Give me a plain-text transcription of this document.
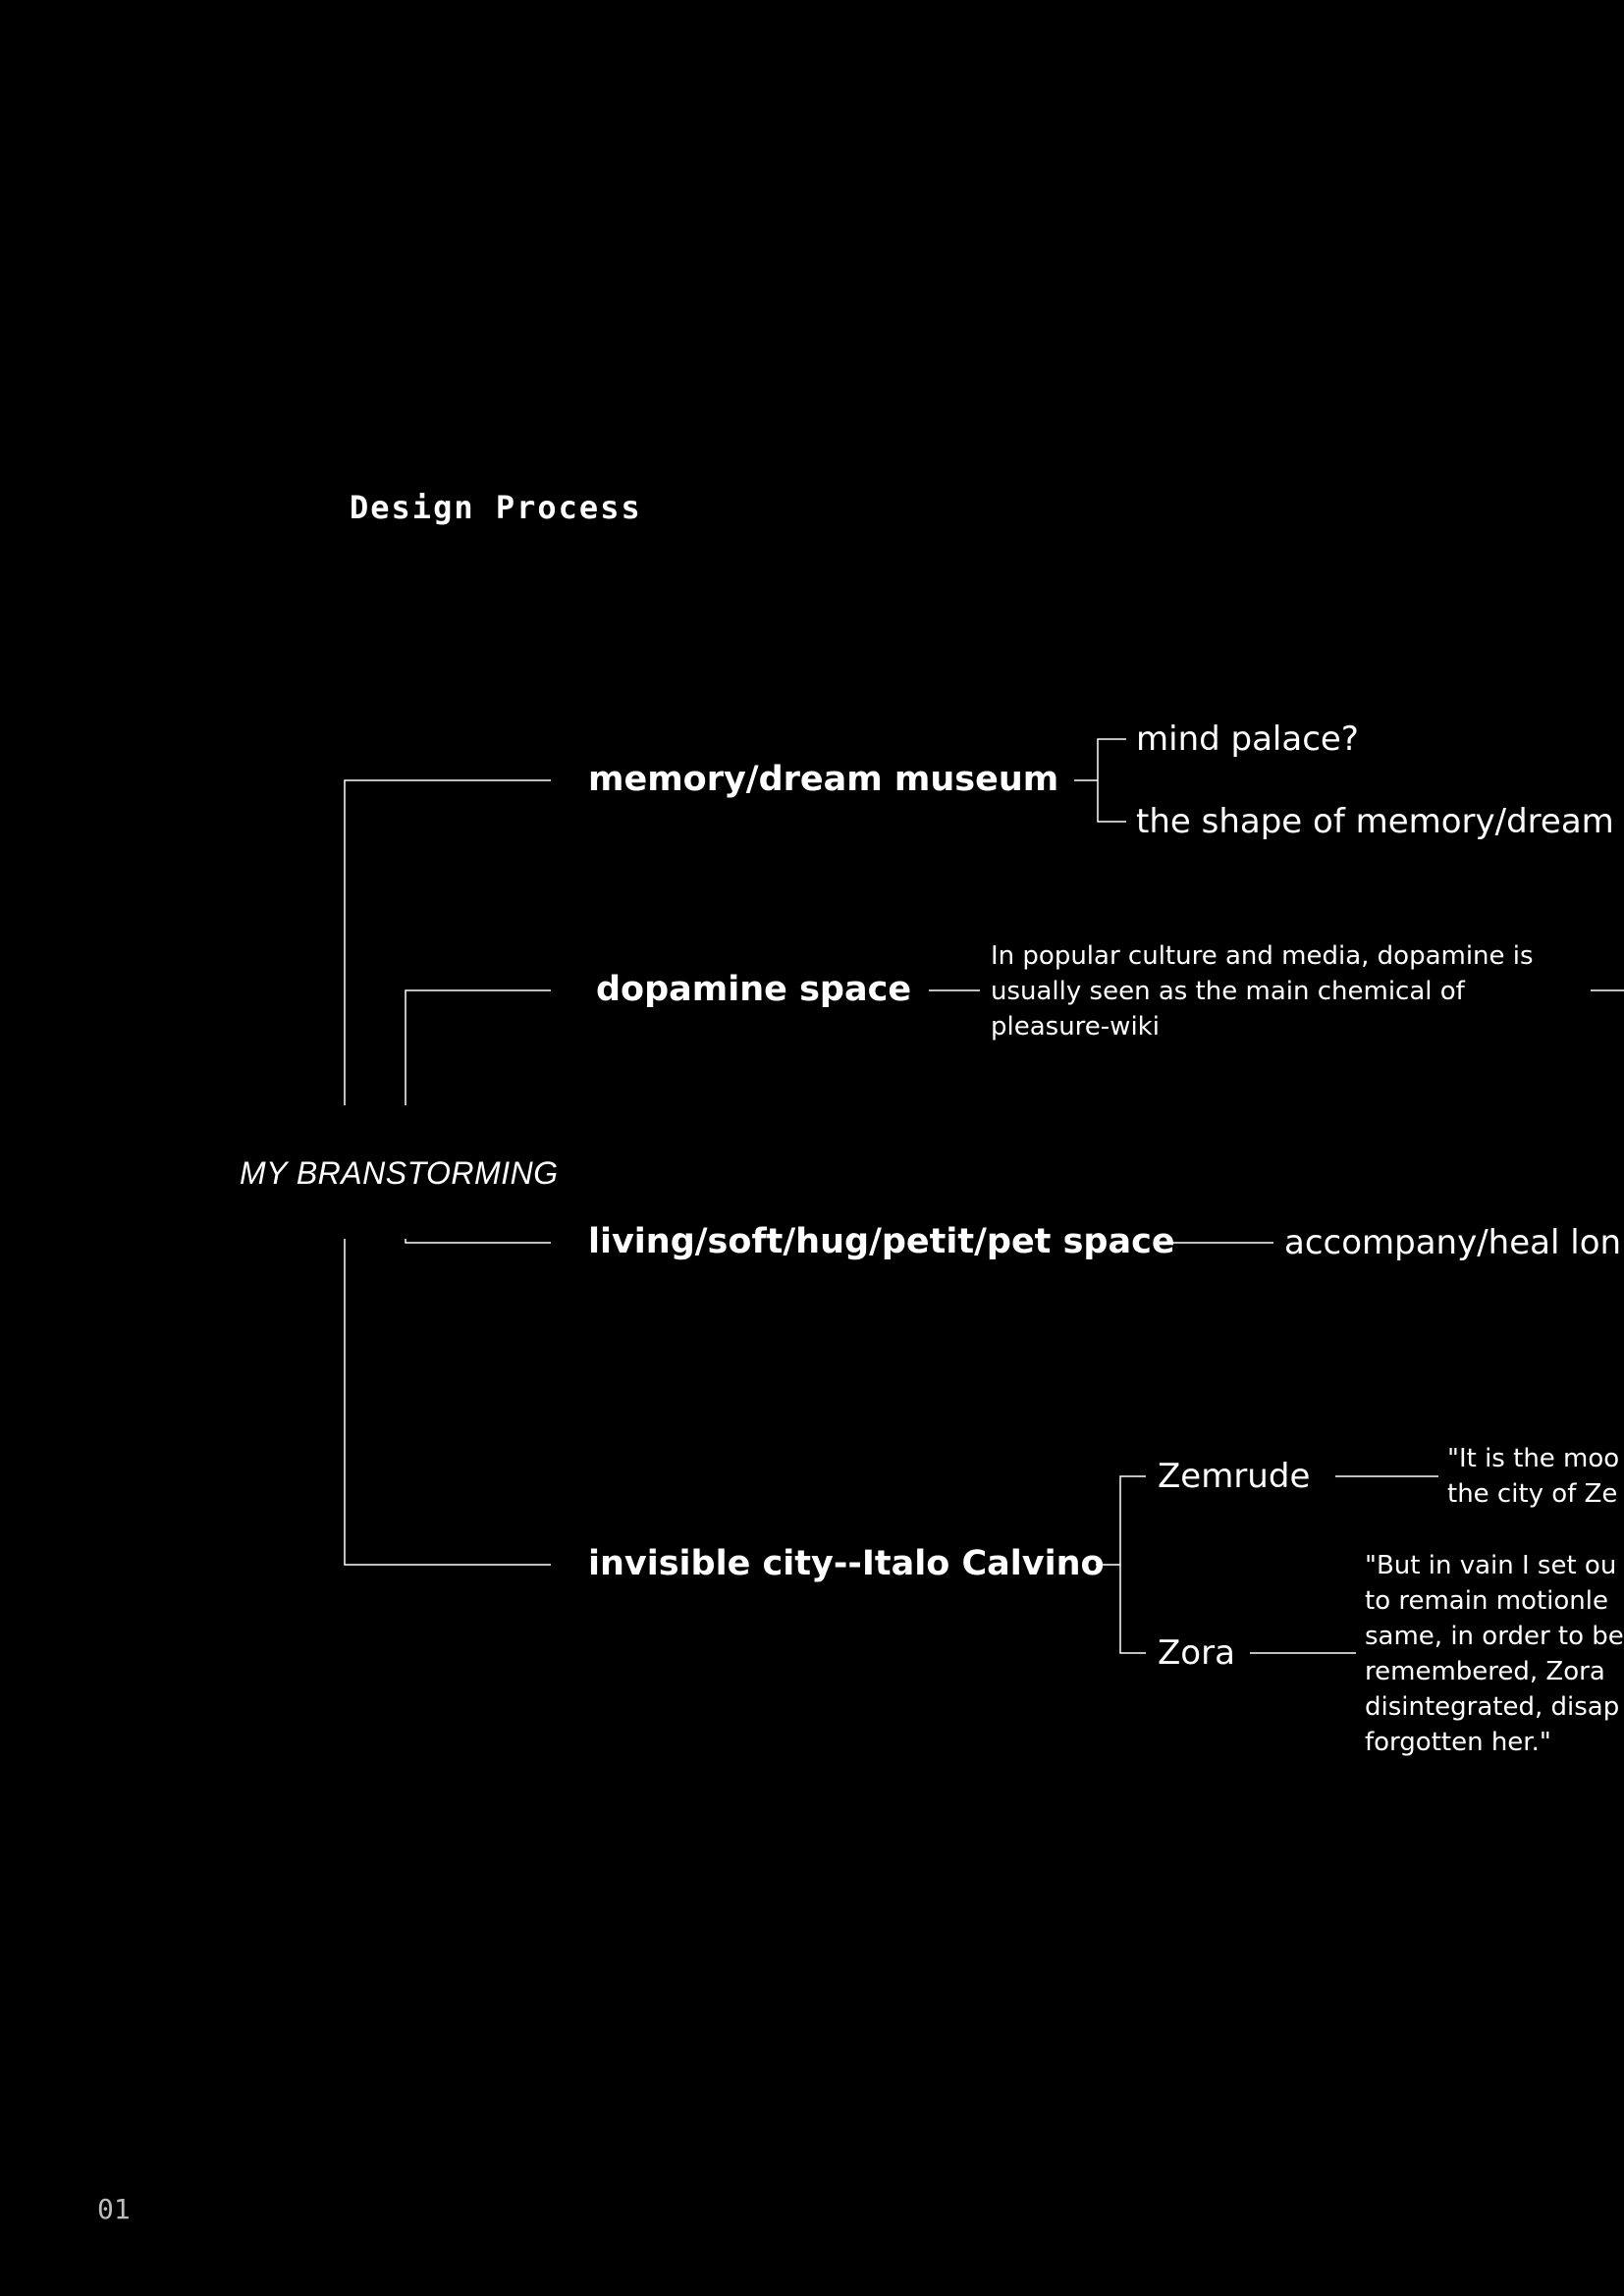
Design Process
MY BRANSTORMING
memory/dream museum
mind palace?
the shape of memory/dream
dopamine space
In popular culture and media, dopamine is
usually seen as the main chemical of
pleasure-wiki
living/soft/hug/petit/pet space	accompany/heal lon
invisible city--Italo Calvino
Zemrude	"It is the moo
the city of Ze
Zora
"But in vain I set ou
to remain motionle
same, in order to be
remembered, Zora
disintegrated, disap
forgotten her."
01
